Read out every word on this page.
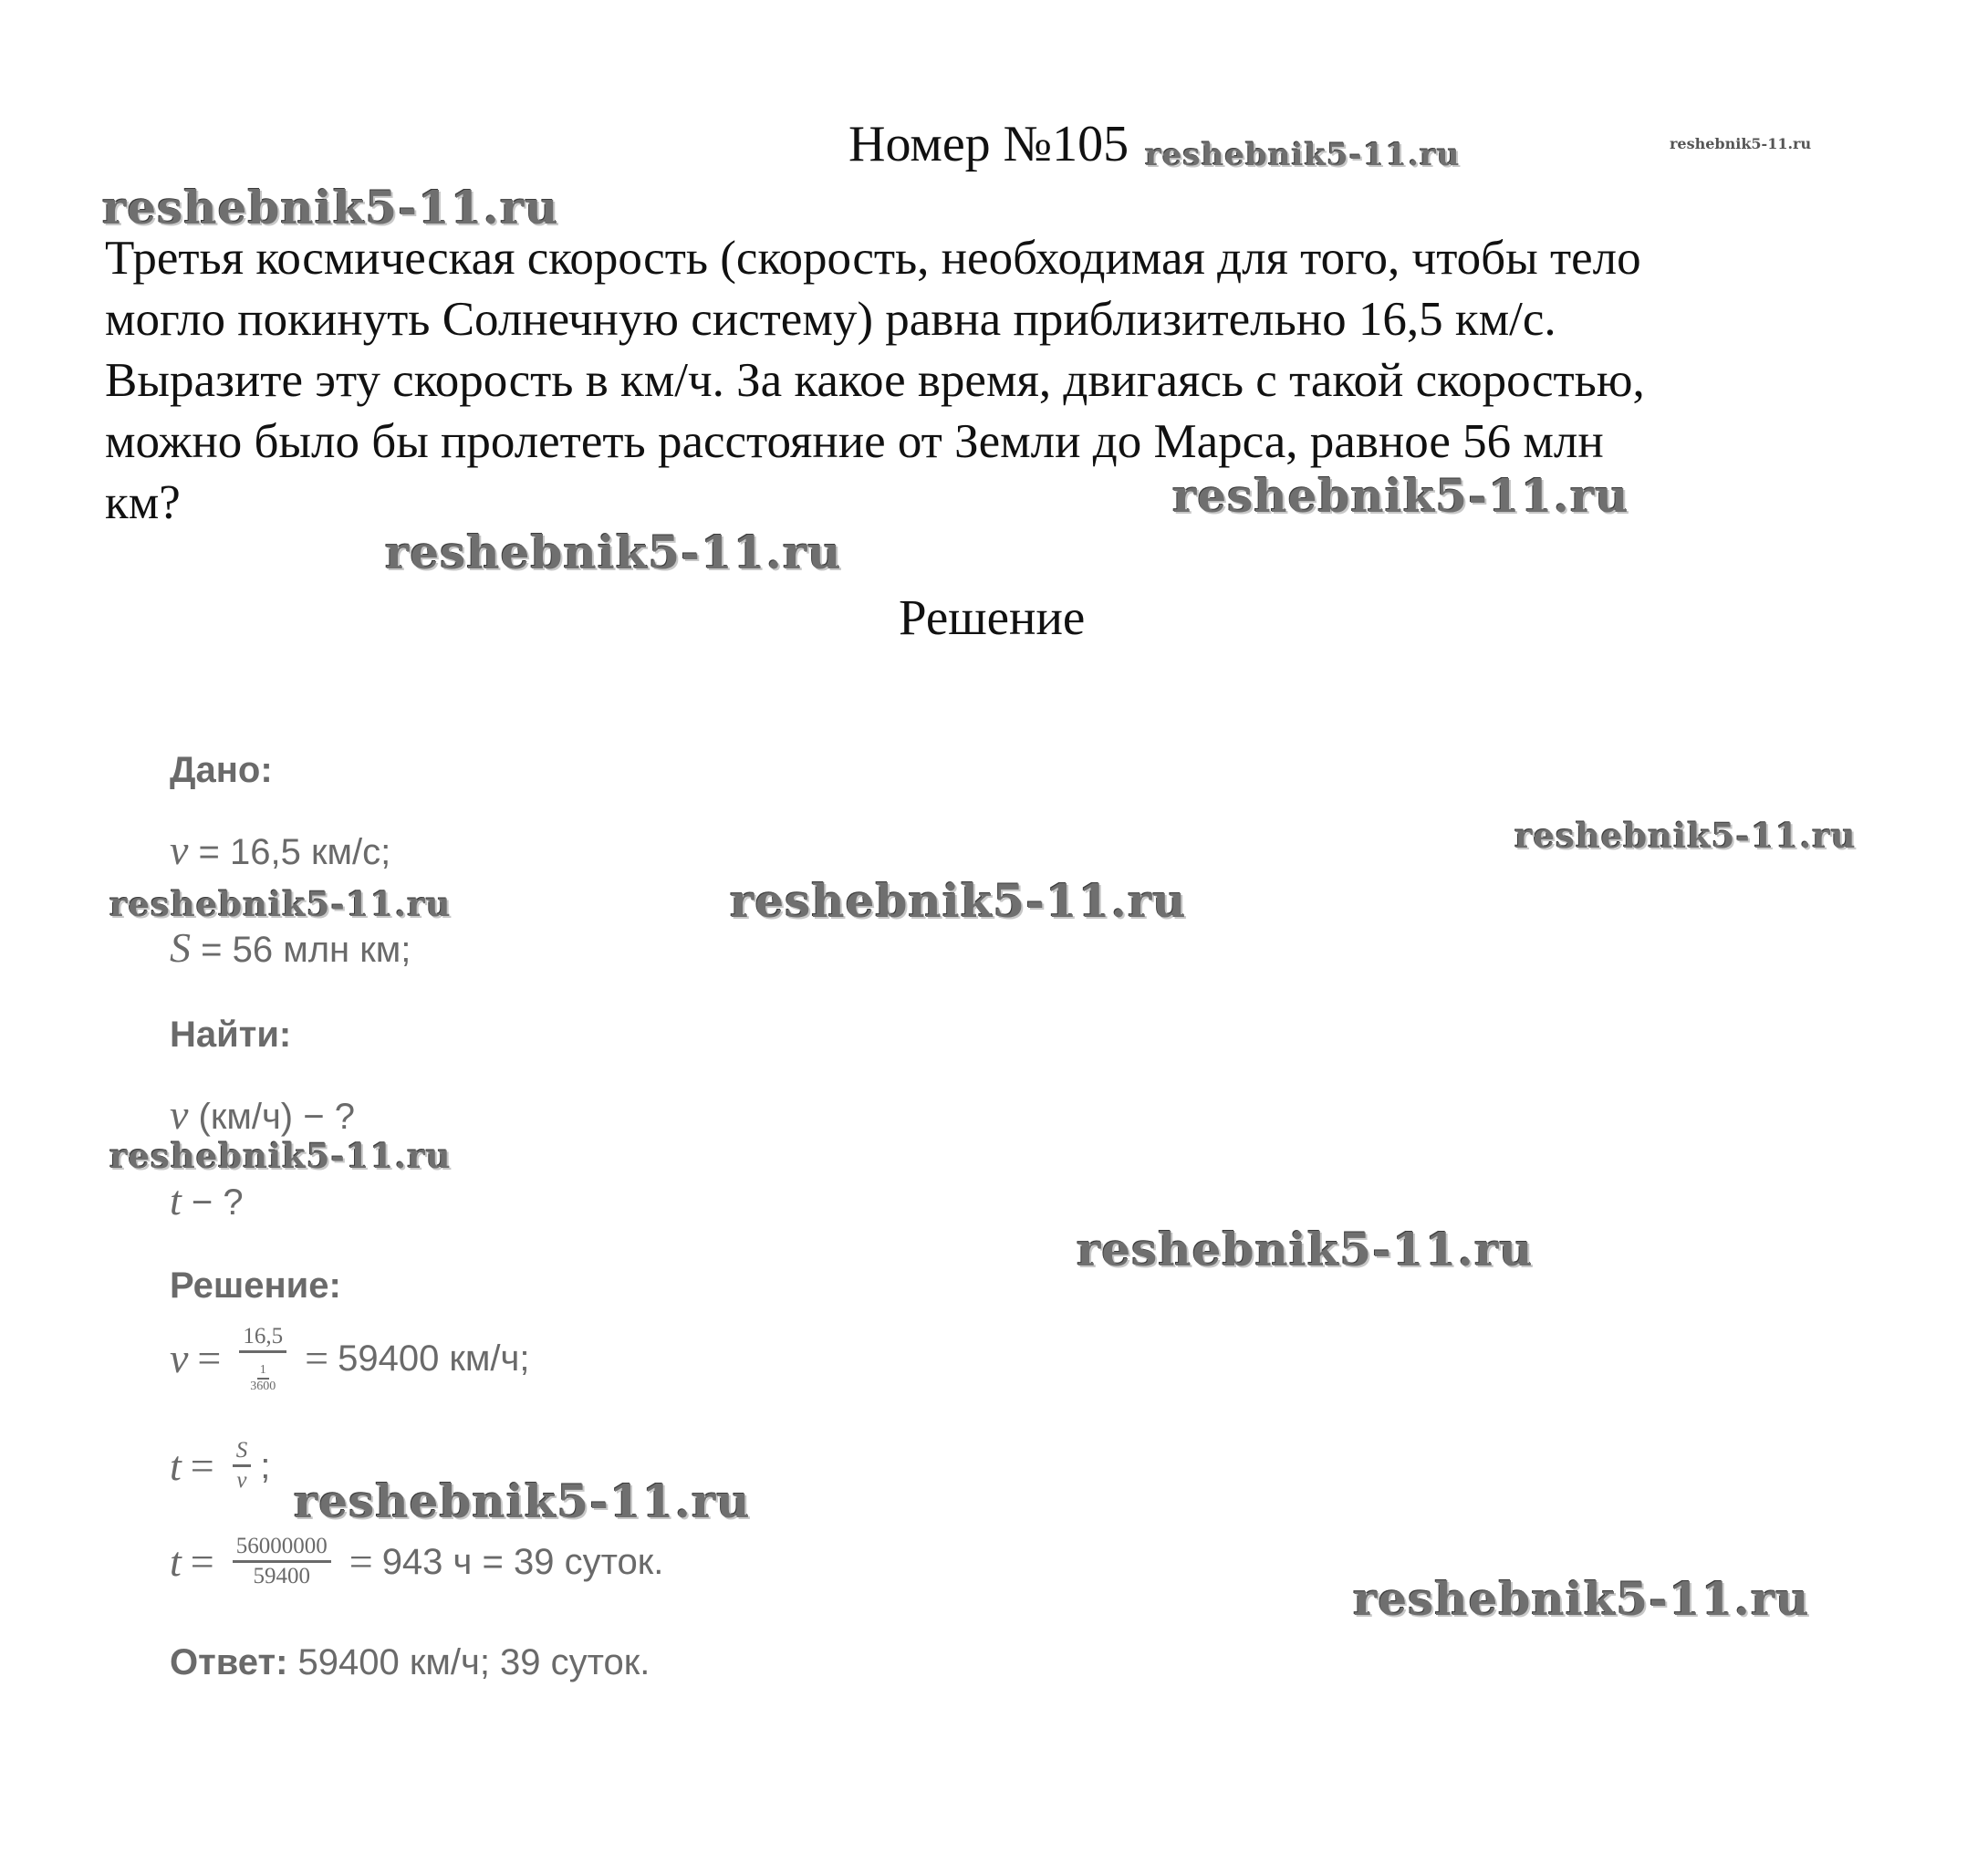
Номер №105
Третья космическая скорость (скорость, необходимая для того, чтобы тело
могло покинуть Солнечную систему) равна приблизительно 16,5 км/с.
Выразите эту скорость в км/ч. За какое время, двигаясь с такой скоростью,
можно было бы пролететь расстояние от Земли до Марса, равное 56 млн
км?
Решение
Дано:
v = 16,5 км/с;
S = 56 млн км;
Найти:
v (км/ч) − ?
t − ?
Решение:
$v = \frac{16,5}{\frac{1}{3600}} = 59400$ км/ч;
$t = \frac{S}{v}$ ;
$t = \frac{56000000}{59400} = 943$ ч = 39 суток.
Ответ: 59400 км/ч; 39 суток.
reshebnik5-11.ru	reshebnik5-11.ru
reshebnik5-11.ru
reshebnik5-11.ru
reshebnik5-11.ru
reshebnik5-11.ru
reshebnik5-11.ru
reshebnik5-11.ru
reshebnik5-11.ru
reshebnik5-11.ru
reshebnik5-11.ru
reshebnik5-11.ru
